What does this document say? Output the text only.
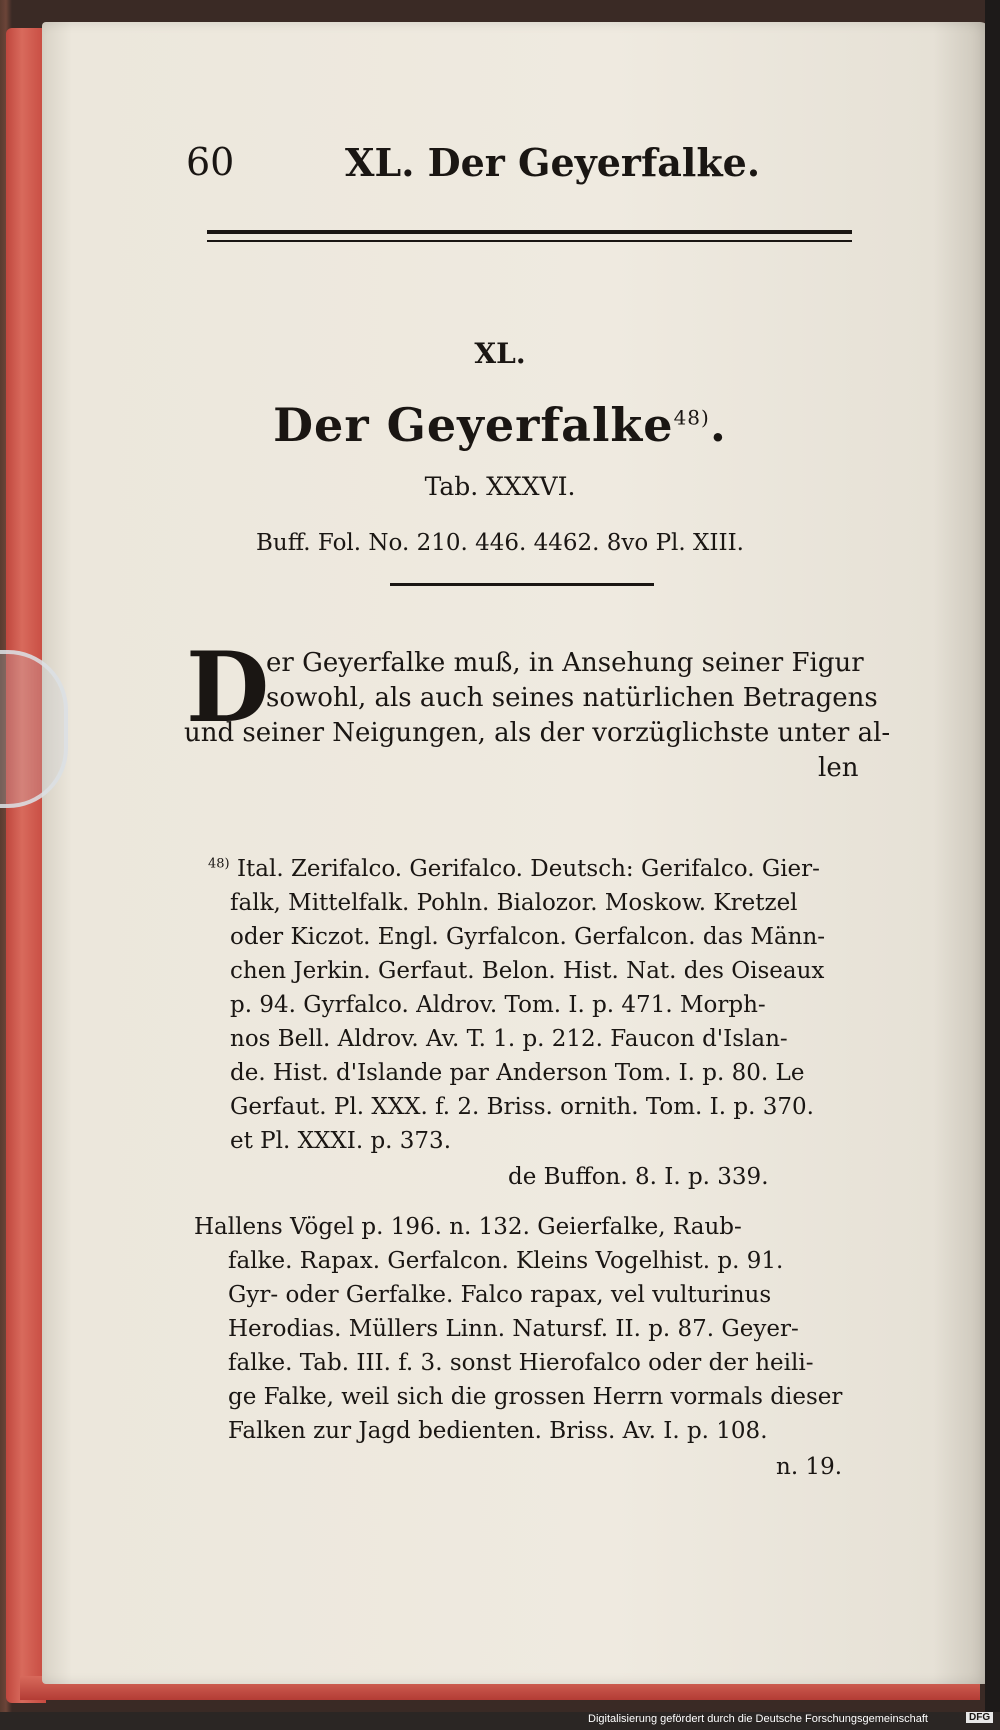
60	XL. Der Geyerfalke.
XL.
Der Geyerfalke$^{48)}$.
Tab. XXXVI.
Buff. Fol. No. 210. 446. 4462. 8vo Pl. XIII.
D
er Geyerfalke muß, in Ansehung seiner Figur
sowohl, als auch seines natürlichen Betragens
und seiner Neigungen, als der vorzüglichste unter al-
len
$^{48)}$ Ital. Zerifalco. Gerifalco. Deutsch: Gerifalco. Gier-
falk, Mittelfalk. Pohln. Bialozor. Moskow. Kretzel
oder Kiczot. Engl. Gyrfalcon. Gerfalcon. das Männ-
chen Jerkin. Gerfaut. Belon. Hist. Nat. des Oiseaux
p. 94. Gyrfalco. Aldrov. Tom. I. p. 471. Morph-
nos Bell. Aldrov. Av. T. 1. p. 212. Faucon d'Islan-
de. Hist. d'Islande par Anderson Tom. I. p. 80. Le
Gerfaut. Pl. XXX. f. 2. Briss. ornith. Tom. I. p. 370.
et Pl. XXXI. p. 373.
de Buffon. 8. I. p. 339.
Hallens Vögel p. 196. n. 132. Geierfalke, Raub-
falke. Rapax. Gerfalcon. Kleins Vogelhist. p. 91.
Gyr- oder Gerfalke. Falco rapax, vel vulturinus
Herodias. Müllers Linn. Natursf. II. p. 87. Geyer-
falke. Tab. III. f. 3. sonst Hierofalco oder der heili-
ge Falke, weil sich die grossen Herrn vormals dieser
Falken zur Jagd bedienten. Briss. Av. I. p. 108.
n. 19.
Digitalisierung gefördert durch die Deutsche Forschungsgemeinschaft	DFG
